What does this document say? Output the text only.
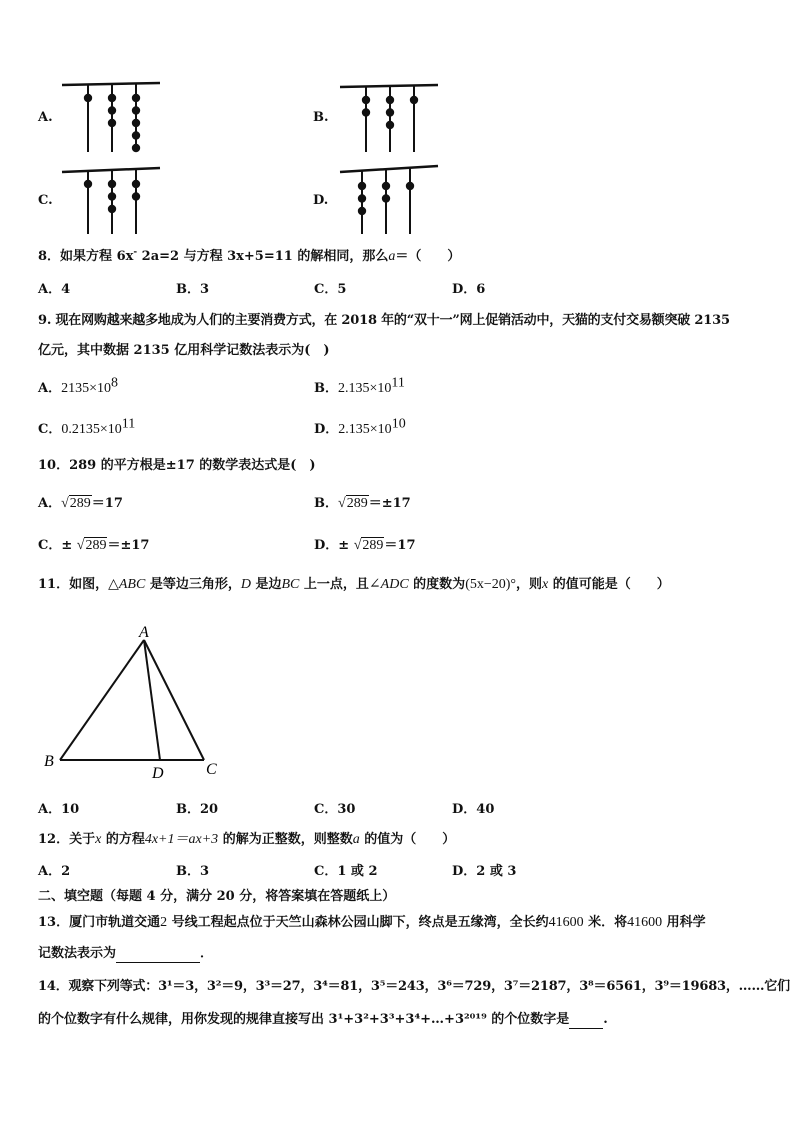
A.	B.
C.	D.
8．如果方程 6x- 2a=2 与方程 3x+5=11 的解相同，那么a＝（　　）
A．4	B．3	C．5	D．6
9. 现在网购越来越多地成为人们的主要消费方式，在 2018 年的“双十一”网上促销活动中，天猫的支付交易额突破 2135
亿元，其中数据 2135 亿用科学记数法表示为(　)
A．$2135\times 10^8$	B．$2.135\times 10^{11}$
C．$0.2135\times 10^{11}$	D．$2.135\times 10^{10}$
10．289 的平方根是±17 的数学表达式是(　)
A．√289＝17	B．√289＝±17
C．± √289＝±17	D．± √289＝17
11．如图，△ABC 是等边三角形，D 是边BC 上一点，且∠ADC 的度数为(5x−20)°，则x 的值可能是（　　）
A
B	C
D
A．10	B．20	C．30	D．40
12．关于x 的方程4x+1＝ax+3 的解为正整数，则整数a 的值为（　　）
A．2	B．3	C．1 或 2	D．2 或 3
二、填空题（每题 4 分，满分 20 分，将答案填在答题纸上）
13．厦门市轨道交通2 号线工程起点位于天竺山森林公园山脚下，终点是五缘湾，全长约41600 米．将41600 用科学
记数法表示为	．
14．观察下列等式：3¹＝3，3²＝9，3³＝27，3⁴＝81，3⁵＝243，3⁶＝729，3⁷＝2187，3⁸＝6561，3⁹＝19683，……它们
的个位数字有什么规律，用你发现的规律直接写出 3¹+3²+3³+3⁴+…+3²⁰¹⁹ 的个位数字是	.
